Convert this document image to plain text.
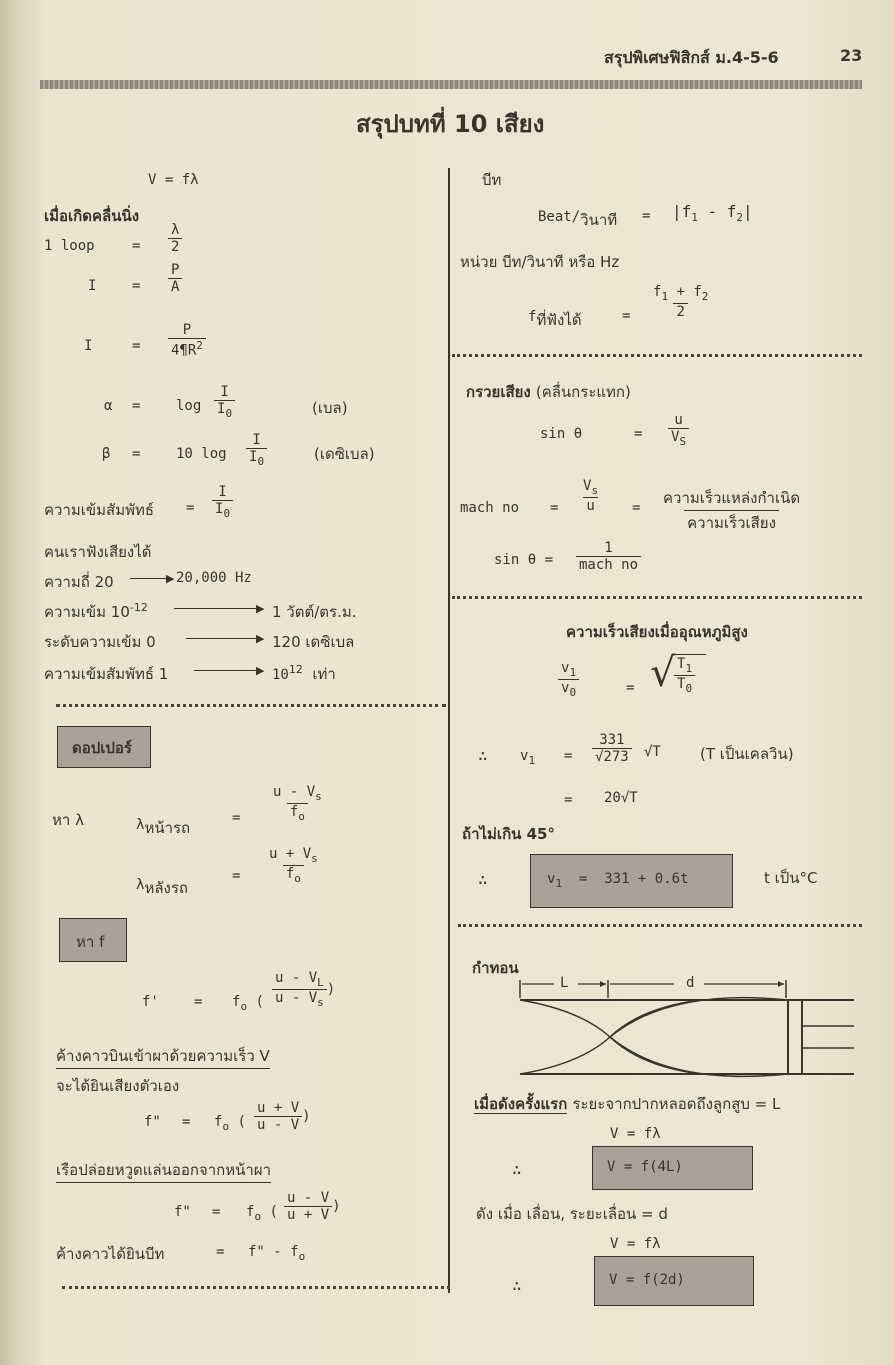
สรุปพิเศษฟิสิกส์ ม.4-5-6	23
สรุปบทที่ 10 เสียง
V = fλ
เมื่อเกิดคลื่นนิ่ง
1 loop	= $\frac{\lambda}{2}$
I	= $\frac{P}{A}$
I	= $\frac{P}{4\P R^2}$
α =	$\log \frac{I}{I_0}$	(เบล)
β =	10 $\log \frac{I}{I_0}$	(เดซิเบล)
ความเข้มสัมพัทธ์ = $\frac{I}{I_0}$
คนเราฟังเสียงได้
ความถี่ 20	▶ 20,000 Hz
ความเข้ม $10^{-12}$	▶ 1 วัตต์/ตร.ม.
ระดับความเข้ม 0	▶ 120 เดซิเบล
ความเข้มสัมพัทธ์ 1	▶ $10^{12}$ เท่า
ดอปเปอร์
หา λ	$\lambda_{หน้ารถ}$
= $\frac{u - V_s}{f_o}$
$\lambda_{หลังรถ}$
= $\frac{u + V_s}{f_o}$
หา f
f'	= $f_o$ ( $\frac{u - V_L}{u - V_s}$ )
ค้างคาวบินเข้าผาด้วยความเร็ว V
จะได้ยินเสียงตัวเอง
f" = $f_o$ ( $\frac{u + V}{u - V}$ )
เรือปล่อยหวูดแล่นออกจากหน้าผา
f" = $f_o$ ( $\frac{u - V}{u + V}$ )
ค้างคาวได้ยินบีท	= f" - $f_o$
บีท
Beat/$_{วินาที} = |f_1 - f_2|$
หน่วย บีท/วินาที หรือ Hz
$f_{ที่ฟังได้}$	= $\frac{f_1 + f_2}{2}$
กรวยเสียง (คลื่นกระแทก)
sin θ	= $\frac{u}{V_S}$
mach no = $\frac{V_s}{u} = \frac{\text{ความเร็วแหล่งกำเนิด}}{\text{ความเร็วเสียง}}$
$\sin \theta = \frac{1}{\text{mach no}}$
ความเร็วเสียงเมื่ออุณหภูมิสูง
$\frac{v_1}{v_0}$	= √
$\frac{T_1}{T_0}$
∴ $v_1 = \frac{331}{√273} √T$	(T เป็นเคลวิน)
= 20√T
ถ้าไม่เกิน 45°
∴	$v_1 = 331 + 0.6t$	t เป็น°C
กำทอน
L	d
เมื่อดังครั้งแรก ระยะจากปากหลอดถึงลูกสูบ = L
V = fλ
∴	V = f(4L)
ดัง เมื่อ เลื่อน, ระยะเลื่อน = d
V = fλ
∴	V = f(2d)
